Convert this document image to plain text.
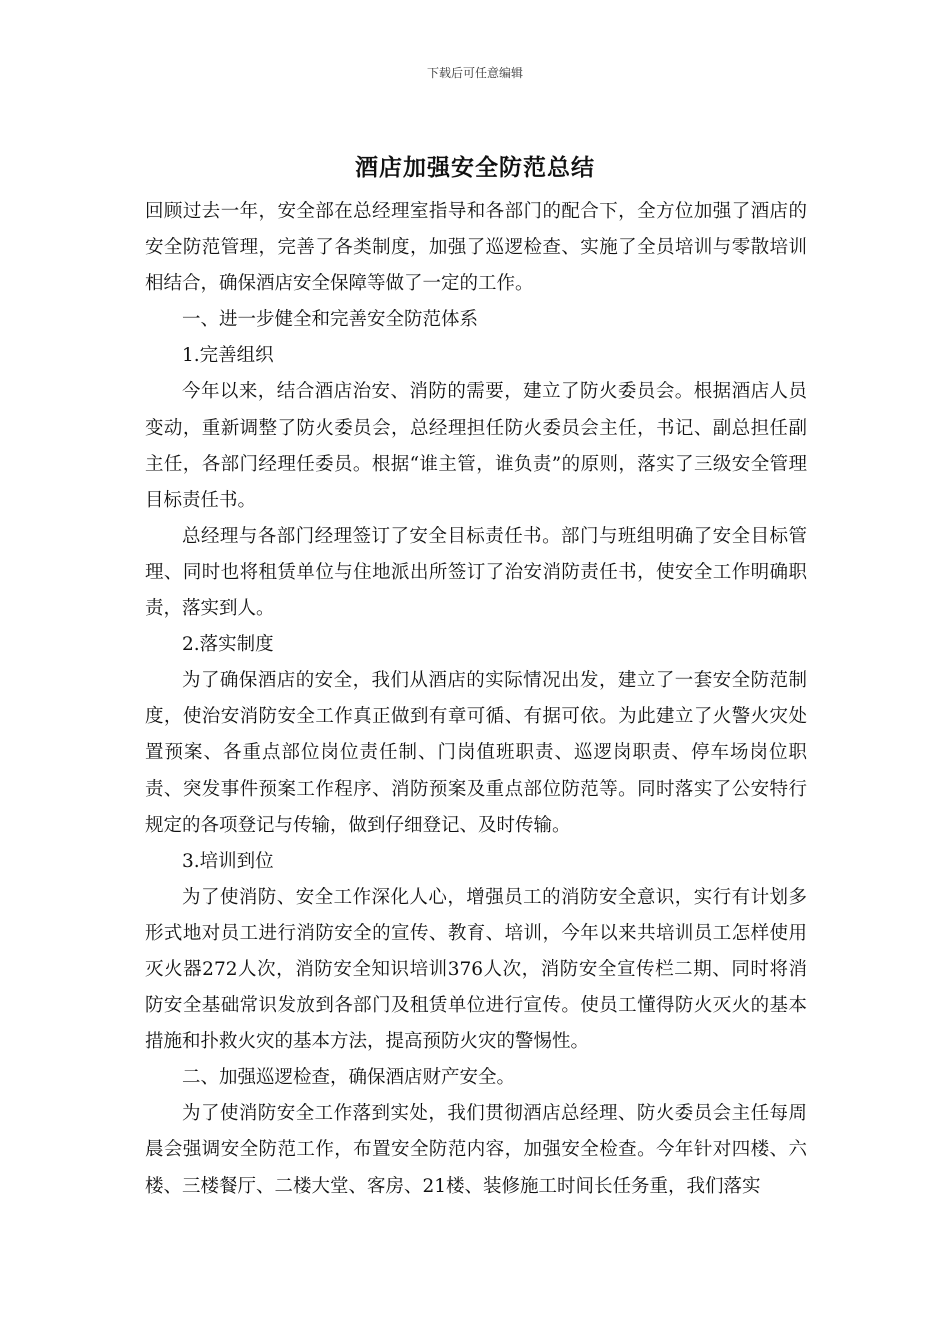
下载后可任意编辑
酒店加强安全防范总结

回顾过去一年，安全部在总经理室指导和各部门的配合下，全方位加强了酒店的安全防范管理，完善了各类制度，加强了巡逻检查、实施了全员培训与零散培训相结合，确保酒店安全保障等做了一定的工作。

一、进一步健全和完善安全防范体系

1.完善组织

今年以来，结合酒店治安、消防的需要，建立了防火委员会。根据酒店人员变动，重新调整了防火委员会，总经理担任防火委员会主任，书记、副总担任副主任，各部门经理任委员。根据“谁主管，谁负责”的原则，落实了三级安全管理目标责任书。

总经理与各部门经理签订了安全目标责任书。部门与班组明确了安全目标管理、同时也将租赁单位与住地派出所签订了治安消防责任书，使安全工作明确职责，落实到人。

2.落实制度

为了确保酒店的安全，我们从酒店的实际情况出发，建立了一套安全防范制度，使治安消防安全工作真正做到有章可循、有据可依。为此建立了火警火灾处置预案、各重点部位岗位责任制、门岗值班职责、巡逻岗职责、停车场岗位职责、突发事件预案工作程序、消防预案及重点部位防范等。同时落实了公安特行规定的各项登记与传输，做到仔细登记、及时传输。

3.培训到位

为了使消防、安全工作深化人心，增强员工的消防安全意识，实行有计划多形式地对员工进行消防安全的宣传、教育、培训，今年以来共培训员工怎样使用灭火器272人次，消防安全知识培训376人次，消防安全宣传栏二期、同时将消防安全基础常识发放到各部门及租赁单位进行宣传。使员工懂得防火灭火的基本措施和扑救火灾的基本方法，提高预防火灾的警惕性。

二、加强巡逻检查，确保酒店财产安全。

为了使消防安全工作落到实处，我们贯彻酒店总经理、防火委员会主任每周晨会强调安全防范工作，布置安全防范内容，加强安全检查。今年针对四楼、六楼、三楼餐厅、二楼大堂、客房、21楼、装修施工时间长任务重，我们落实
